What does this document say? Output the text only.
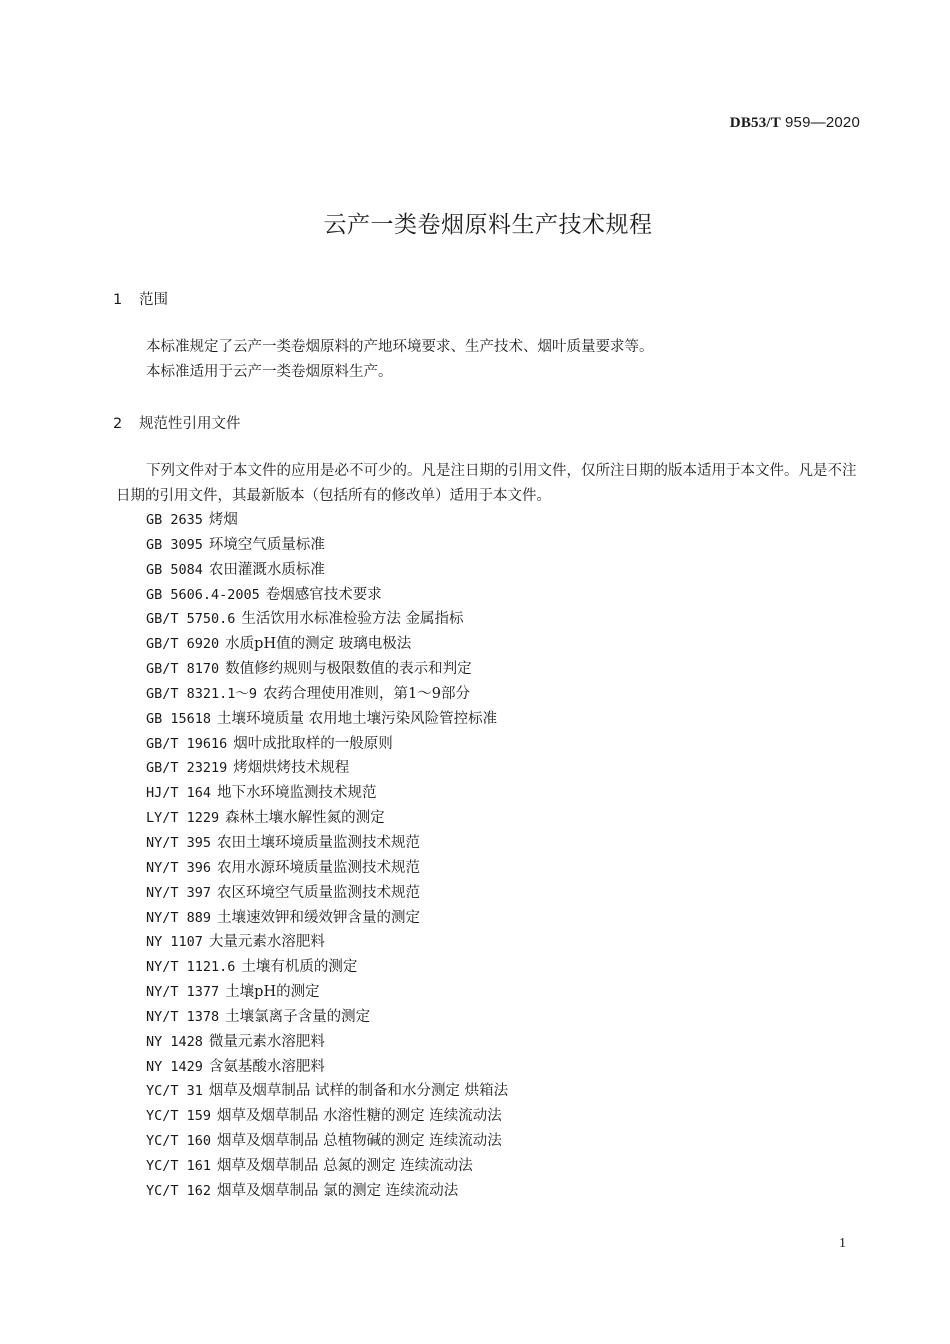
DB53/T 959—2020
云产一类卷烟原料生产技术规程
1 范围

本标准规定了云产一类卷烟原料的产地环境要求、生产技术、烟叶质量要求等。

本标准适用于云产一类卷烟原料生产。

2 规范性引用文件

下列文件对于本文件的应用是必不可少的。凡是注日期的引用文件，仅所注日期的版本适用于本文件。凡是不注日期的引用文件，其最新版本（包括所有的修改单）适用于本文件。

GB 2635 烤烟
GB 3095 环境空气质量标准
GB 5084 农田灌溉水质标准
GB 5606.4-2005 卷烟感官技术要求
GB/T 5750.6 生活饮用水标准检验方法 金属指标
GB/T 6920 水质pH值的测定 玻璃电极法
GB/T 8170 数值修约规则与极限数值的表示和判定
GB/T 8321.1～9 农药合理使用准则，第1～9部分
GB 15618 土壤环境质量 农用地土壤污染风险管控标准
GB/T 19616 烟叶成批取样的一般原则
GB/T 23219 烤烟烘烤技术规程
HJ/T 164 地下水环境监测技术规范
LY/T 1229 森林土壤水解性氮的测定
NY/T 395 农田土壤环境质量监测技术规范
NY/T 396 农用水源环境质量监测技术规范
NY/T 397 农区环境空气质量监测技术规范
NY/T 889 土壤速效钾和缓效钾含量的测定
NY 1107 大量元素水溶肥料
NY/T 1121.6 土壤有机质的测定
NY/T 1377 土壤pH的测定
NY/T 1378 土壤氯离子含量的测定
NY 1428 微量元素水溶肥料
NY 1429 含氨基酸水溶肥料
YC/T 31 烟草及烟草制品 试样的制备和水分测定 烘箱法
YC/T 159 烟草及烟草制品 水溶性糖的测定 连续流动法
YC/T 160 烟草及烟草制品 总植物碱的测定 连续流动法
YC/T 161 烟草及烟草制品 总氮的测定 连续流动法
YC/T 162 烟草及烟草制品 氯的测定 连续流动法
1
